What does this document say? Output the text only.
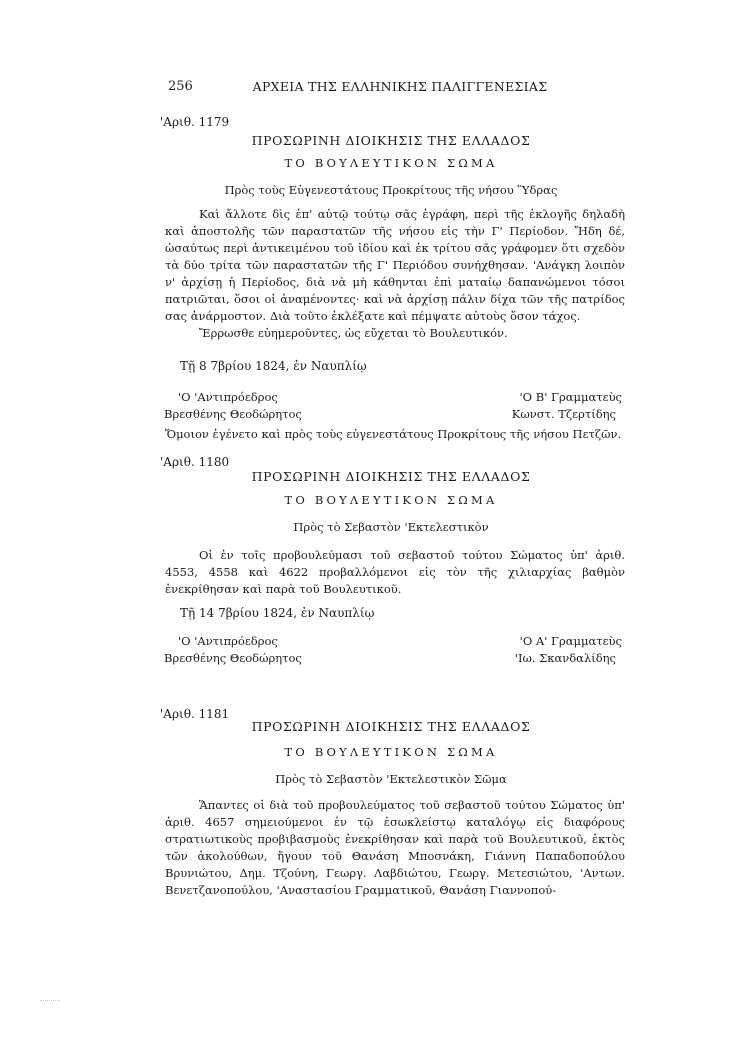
256	ΑΡΧΕΙΑ ΤΗΣ ΕΛΛΗΝΙΚΗΣ ΠΑΛΙΓΓΕΝΕΣΙΑΣ
'Αριθ. 1179
ΠΡΟΣΩΡΙΝΗ ΔΙΟΙΚΗΣΙΣ ΤΗΣ ΕΛΛΑΔΟΣ
ΤΟ ΒΟΥΛΕΥΤΙΚΟΝ ΣΩΜΑ
Πρὸς τοὺς Εὐγενεστάτους Προκρίτους τῆς νήσου Ὕδρας

Καὶ ἄλλοτε δὶς ἐπ' αὐτῷ τούτῳ σᾶς ἐγράφη, περὶ τῆς ἐκλογῆς δηλαδὴ καὶ ἀποστολῆς τῶν παραστατῶν τῆς νήσου εἰς τὴν Γ' Περίοδον. Ἤδη δέ, ὡσαύτως περὶ ἀντικειμένου τοῦ ἰδίου καὶ ἐκ τρίτου σᾶς γράφομεν ὅτι σχεδὸν τὰ δύο τρίτα τῶν παραστατῶν τῆς Γ' Περιόδου συνήχθησαν. 'Ανάγκη λοιπὸν ν' ἀρχίσῃ ἡ Περίοδος, διὰ νὰ μὴ κάθηνται ἐπὶ ματαίῳ δαπανώμενοι τόσοι πατριῶται, ὅσοι οἱ ἀναμένοντες· καὶ νὰ ἀρχίσῃ πάλιν δίχα τῶν τῆς πατρίδος σας ἀνάρμοστον. Διὰ τοῦτο ἐκλέξατε καὶ πέμψατε αὐτοὺς ὅσον τάχος.

Ἔρρωσθε εὐημεροῦντες, ὡς εὔχεται τὸ Βουλευτικόν.

Τῇ 8 7βρίου 1824, ἐν Ναυπλίῳ
'Ο 'Αντιπρόεδρος
Βρεσθένης Θεοδώρητος
'Ο Β' Γραμματεὺς
Κωνστ. Τζερτίδης
Ὅμοιον ἐγένετο καὶ πρὸς τοὺς εὐγενεστάτους Προκρίτους τῆς νήσου Πετζῶν.
'Αριθ. 1180
ΠΡΟΣΩΡΙΝΗ ΔΙΟΙΚΗΣΙΣ ΤΗΣ ΕΛΛΑΔΟΣ
ΤΟ ΒΟΥΛΕΥΤΙΚΟΝ ΣΩΜΑ
Πρὸς τὸ Σεβαστὸν 'Εκτελεστικὸν

Οἱ ἐν τοῖς προβουλεύμασι τοῦ σεβαστοῦ τούτου Σώματος ὑπ' ἀριθ. 4553, 4558 καὶ 4622 προβαλλόμενοι εἰς τὸν τῆς χιλιαρχίας βαθμὸν ἐνεκρίθησαν καὶ παρὰ τοῦ Βουλευτικοῦ.

Τῇ 14 7βρίου 1824, ἐν Ναυπλίῳ
'Ο 'Αντιπρόεδρος
Βρεσθένης Θεοδώρητος
'Ο Α' Γραμματεὺς
'Ιω. Σκανδαλίδης
'Αριθ. 1181
ΠΡΟΣΩΡΙΝΗ ΔΙΟΙΚΗΣΙΣ ΤΗΣ ΕΛΛΑΔΟΣ
ΤΟ ΒΟΥΛΕΥΤΙΚΟΝ ΣΩΜΑ
Πρὸς τὸ Σεβαστὸν 'Εκτελεστικὸν Σῶμα

Ἅπαντες οἱ διὰ τοῦ προβουλεύματος τοῦ σεβαστοῦ τούτου Σώματος ὑπ' ἀριθ. 4657 σημειούμενοι ἐν τῷ ἐσωκλείστῳ καταλόγῳ εἰς διαφόρους στρατιωτικοὺς προβιβασμοὺς ἐνεκρίθησαν καὶ παρὰ τοῦ Βουλευτικοῦ, ἐκτὸς τῶν ἀκολούθων, ἤγουν τοῦ Θανάση Μποσνάκη, Γιάννη Παπαδοπούλου Βρυνιώτου, Δημ. Τζούνη, Γεωργ. Λαβδιώτου, Γεωργ. Μετεσιώτου, 'Αντων. Βενετζανοπούλου, 'Αναστασίου Γραμματικοῦ, Θανάση Γιαννοπού-
